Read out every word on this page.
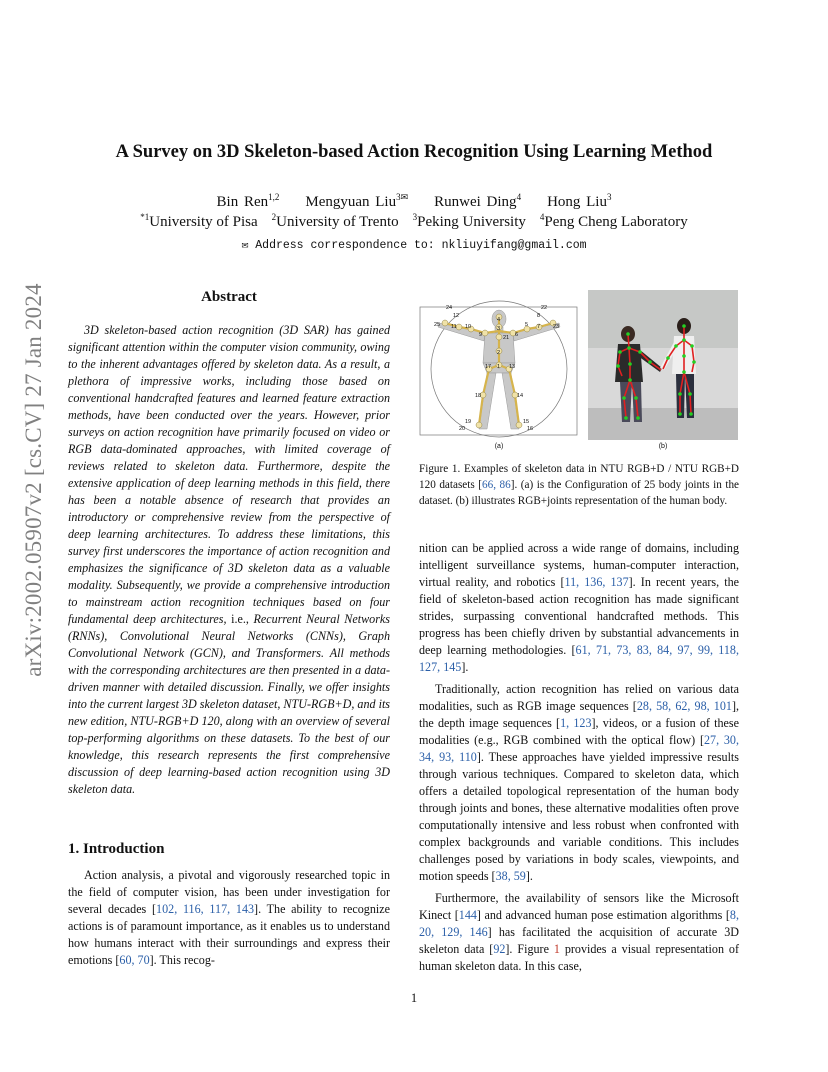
arXiv:2002.05907v2 [cs.CV] 27 Jan 2024
A Survey on 3D Skeleton-based Action Recognition Using Learning Method
Bin Ren$^{1,2}$ Mengyuan Liu$^{3✉}$ Runwei Ding$^4$ Hong Liu$^3$
$^{*1}$University of Pisa $^2$University of Trento $^3$Peking University $^4$Peng Cheng Laboratory
✉ Address correspondence to: nkliuyifang@gmail.com
Abstract

3D skeleton-based action recognition (3D SAR) has gained significant attention within the computer vision community, owing to the inherent advantages offered by skeleton data. As a result, a plethora of impressive works, including those based on conventional handcrafted features and learned feature extraction methods, have been conducted over the years. However, prior surveys on action recognition have primarily focused on video or RGB data-dominated approaches, with limited coverage of reviews related to skeleton data. Furthermore, despite the extensive application of deep learning methods in this field, there has been a notable absence of research that provides an introductory or comprehensive review from the perspective of deep learning architectures. To address these limitations, this survey first underscores the importance of action recognition and emphasizes the significance of 3D skeleton data as a valuable modality. Subsequently, we provide a comprehensive introduction to mainstream action recognition techniques based on four fundamental deep architectures, i.e., Recurrent Neural Networks (RNNs), Convolutional Neural Networks (CNNs), Graph Convolutional Network (GCN), and Transformers. All methods with the corresponding architectures are then presented in a data-driven manner with detailed discussion. Finally, we offer insights into the current largest 3D skeleton dataset, NTU-RGB+D, and its new edition, NTU-RGB+D 120, along with an overview of several top-performing algorithms on these datasets. To the best of our knowledge, this research represents the first comprehensive discussion of deep learning-based action recognition using 3D skeleton data.

1. Introduction

Action analysis, a pivotal and vigorously researched topic in the field of computer vision, has been under investigation for several decades [102, 116, 117, 143]. The ability to recognize actions is of paramount importance, as it enables us to understand how humans interact with their surroundings and express their emotions [60, 70]. This recog-

24	22
12	8
25 11	5 7 23
4
10
9
3
6
21
2
17	13
1
18	14
19	15
20	16
(a)	(b)
Figure 1. Examples of skeleton data in NTU RGB+D / NTU RGB+D 120 datasets [66, 86]. (a) is the Configuration of 25 body joints in the dataset. (b) illustrates RGB+joints representation of the human body.

nition can be applied across a wide range of domains, including intelligent surveillance systems, human-computer interaction, virtual reality, and robotics [11, 136, 137]. In recent years, the field of skeleton-based action recognition has made significant strides, surpassing conventional handcrafted methods. This progress has been chiefly driven by substantial advancements in deep learning methodologies. [61, 71, 73, 83, 84, 97, 99, 118, 127, 145].

Traditionally, action recognition has relied on various data modalities, such as RGB image sequences [28, 58, 62, 98, 101], the depth image sequences [1, 123], videos, or a fusion of these modalities (e.g., RGB combined with the optical flow) [27, 30, 34, 93, 110]. These approaches have yielded impressive results through various techniques. Compared to skeleton data, which offers a detailed topological representation of the human body through joints and bones, these alternative modalities often prove computationally intensive and less robust when confronted with complex backgrounds and variable conditions. This includes challenges posed by variations in body scales, viewpoints, and motion speeds [38, 59].

Furthermore, the availability of sensors like the Microsoft Kinect [144] and advanced human pose estimation algorithms [8, 20, 129, 146] has facilitated the acquisition of accurate 3D skeleton data [92]. Figure 1 provides a visual representation of human skeleton data. In this case,

1
